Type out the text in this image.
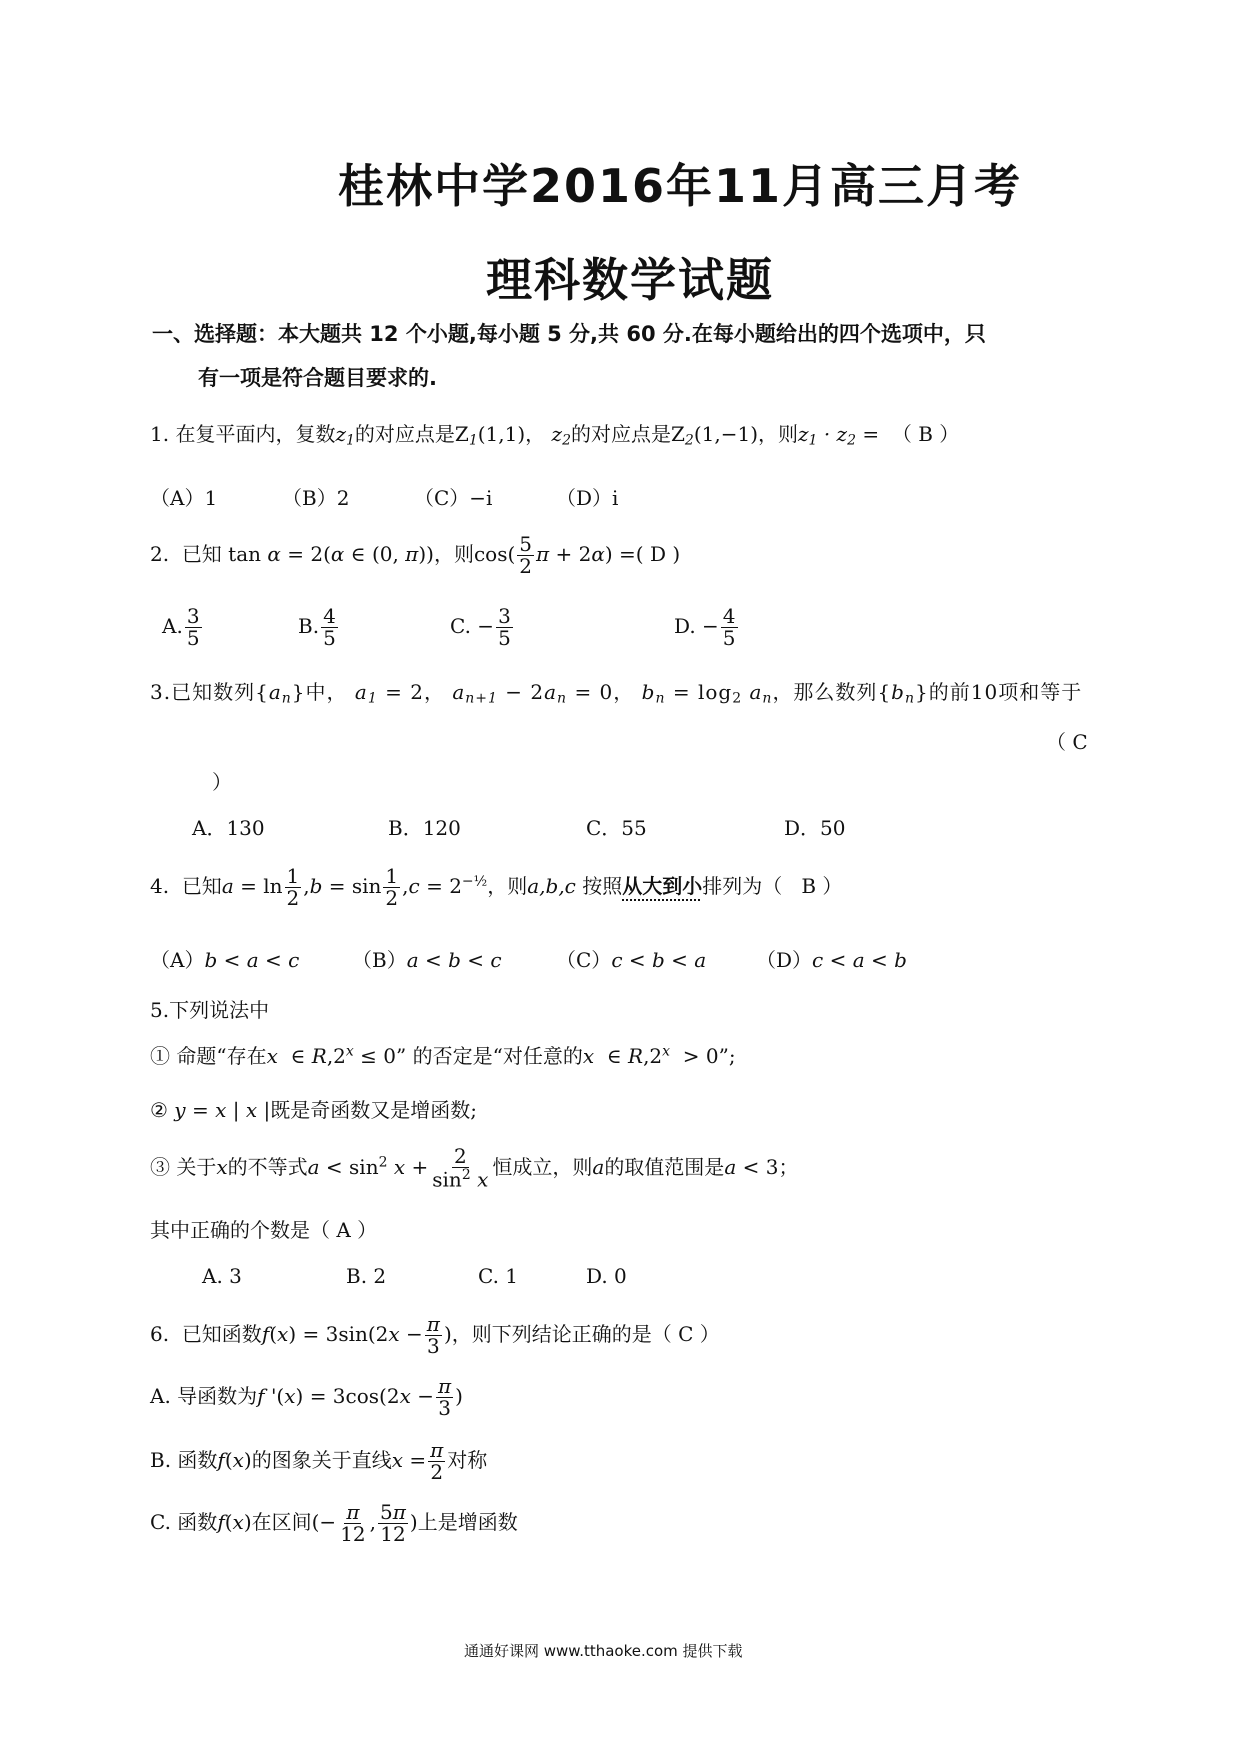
桂林中学2016年11月高三月考
理科数学试题
一、选择题：本大题共 12 个小题,每小题 5 分,共 60 分.在每小题给出的四个选项中，只
有一项是符合题目要求的.
1. 在复平面内，复数$z_1$的对应点是$Z_1(1,1)$， $z_2$的对应点是$Z_2(1,-1)$，则$z_1 \cdot z_2$ = （ B ）
（A）1	（B）2	（C）−i	（D）i
2. 已知 tan α = 2(α ∈ (0, π))，则$\cos( \frac{5}{2}$ π + 2α) =( D )
A. $\frac{3}{5}$	B. $\frac{4}{5}$	C. − $\frac{3}{5}$	D. − $\frac{4}{5}$
3.已知数列$\{a_n\}$中， $a_1 = 2$， $a_{n+1} - 2a_n = 0$， $b_n = \log_2 a_n$，那么数列$\{b_n\}$的前10项和等于
（ C
）
A．130	B．120	C．55	D．50
4. 已知$a = \ln \frac{1}{2} ,b = \sin \frac{1}{2} ,c = 2^{-\frac{1}{2}}$，则a,b,c 按照从大到小排列为（ B ）
（A）b < a < c	（B）a < b < c	（C）c < b < a （D）c < a < b
5.下列说法中
① 命题“存在x  ∈ $R,2^x \le 0$” 的否定是“对任意的x  ∈ R,2$^x$  > 0”;
② y = x | x |既是奇函数又是增函数;
③ 关于x的不等式$a < \sin^2 x + \frac{2}{\sin^2 x}$ 恒成立，则a的取值范围是a < 3；
其中正确的个数是（ A ）
A. 3	B. 2	C. 1	D. 0
6. 已知函数$f(x) = 3\sin(2x - \frac{\pi}{3}$ )，则下列结论正确的是（ C ）
A. 导函数为f '$(x) = 3\cos(2x - \frac{\pi}{3}$ )
B. 函数f(x)的图象关于直线$x = \frac{\pi}{2}$ 对称
C. 函数f(x)在区间(− $\frac{\pi}{12}$ , $\frac{5\pi}{12}$ )上是增函数
通通好课网 www.tthaoke.com 提供下载
